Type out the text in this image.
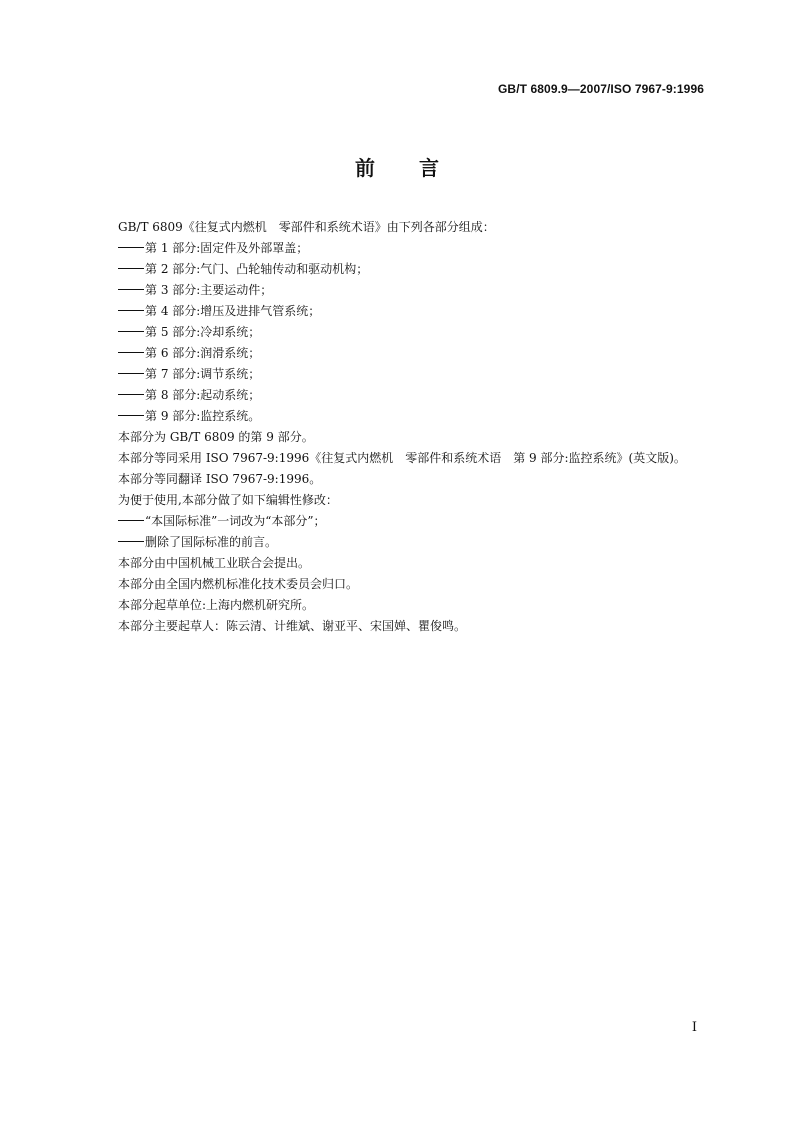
GB/T 6809.9—2007/ISO 7967-9:1996
前言

GB/T 6809《往复式内燃机　零部件和系统术语》由下列各部分组成：

第 1 部分:固定件及外部罩盖；

第 2 部分:气门、凸轮轴传动和驱动机构；

第 3 部分:主要运动件；

第 4 部分:增压及进排气管系统；

第 5 部分:冷却系统；

第 6 部分:润滑系统；

第 7 部分:调节系统；

第 8 部分:起动系统；

第 9 部分:监控系统。

本部分为 GB/T 6809 的第 9 部分。

本部分等同采用 ISO 7967-9:1996《往复式内燃机　零部件和系统术语　第 9 部分:监控系统》(英文版)。

本部分等同翻译 ISO 7967-9:1996。

为便于使用,本部分做了如下编辑性修改：

“本国际标准”一词改为“本部分”；

删除了国际标准的前言。

本部分由中国机械工业联合会提出。

本部分由全国内燃机标准化技术委员会归口。

本部分起草单位:上海内燃机研究所。

本部分主要起草人：陈云清、计维斌、谢亚平、宋国婵、瞿俊鸣。

I
